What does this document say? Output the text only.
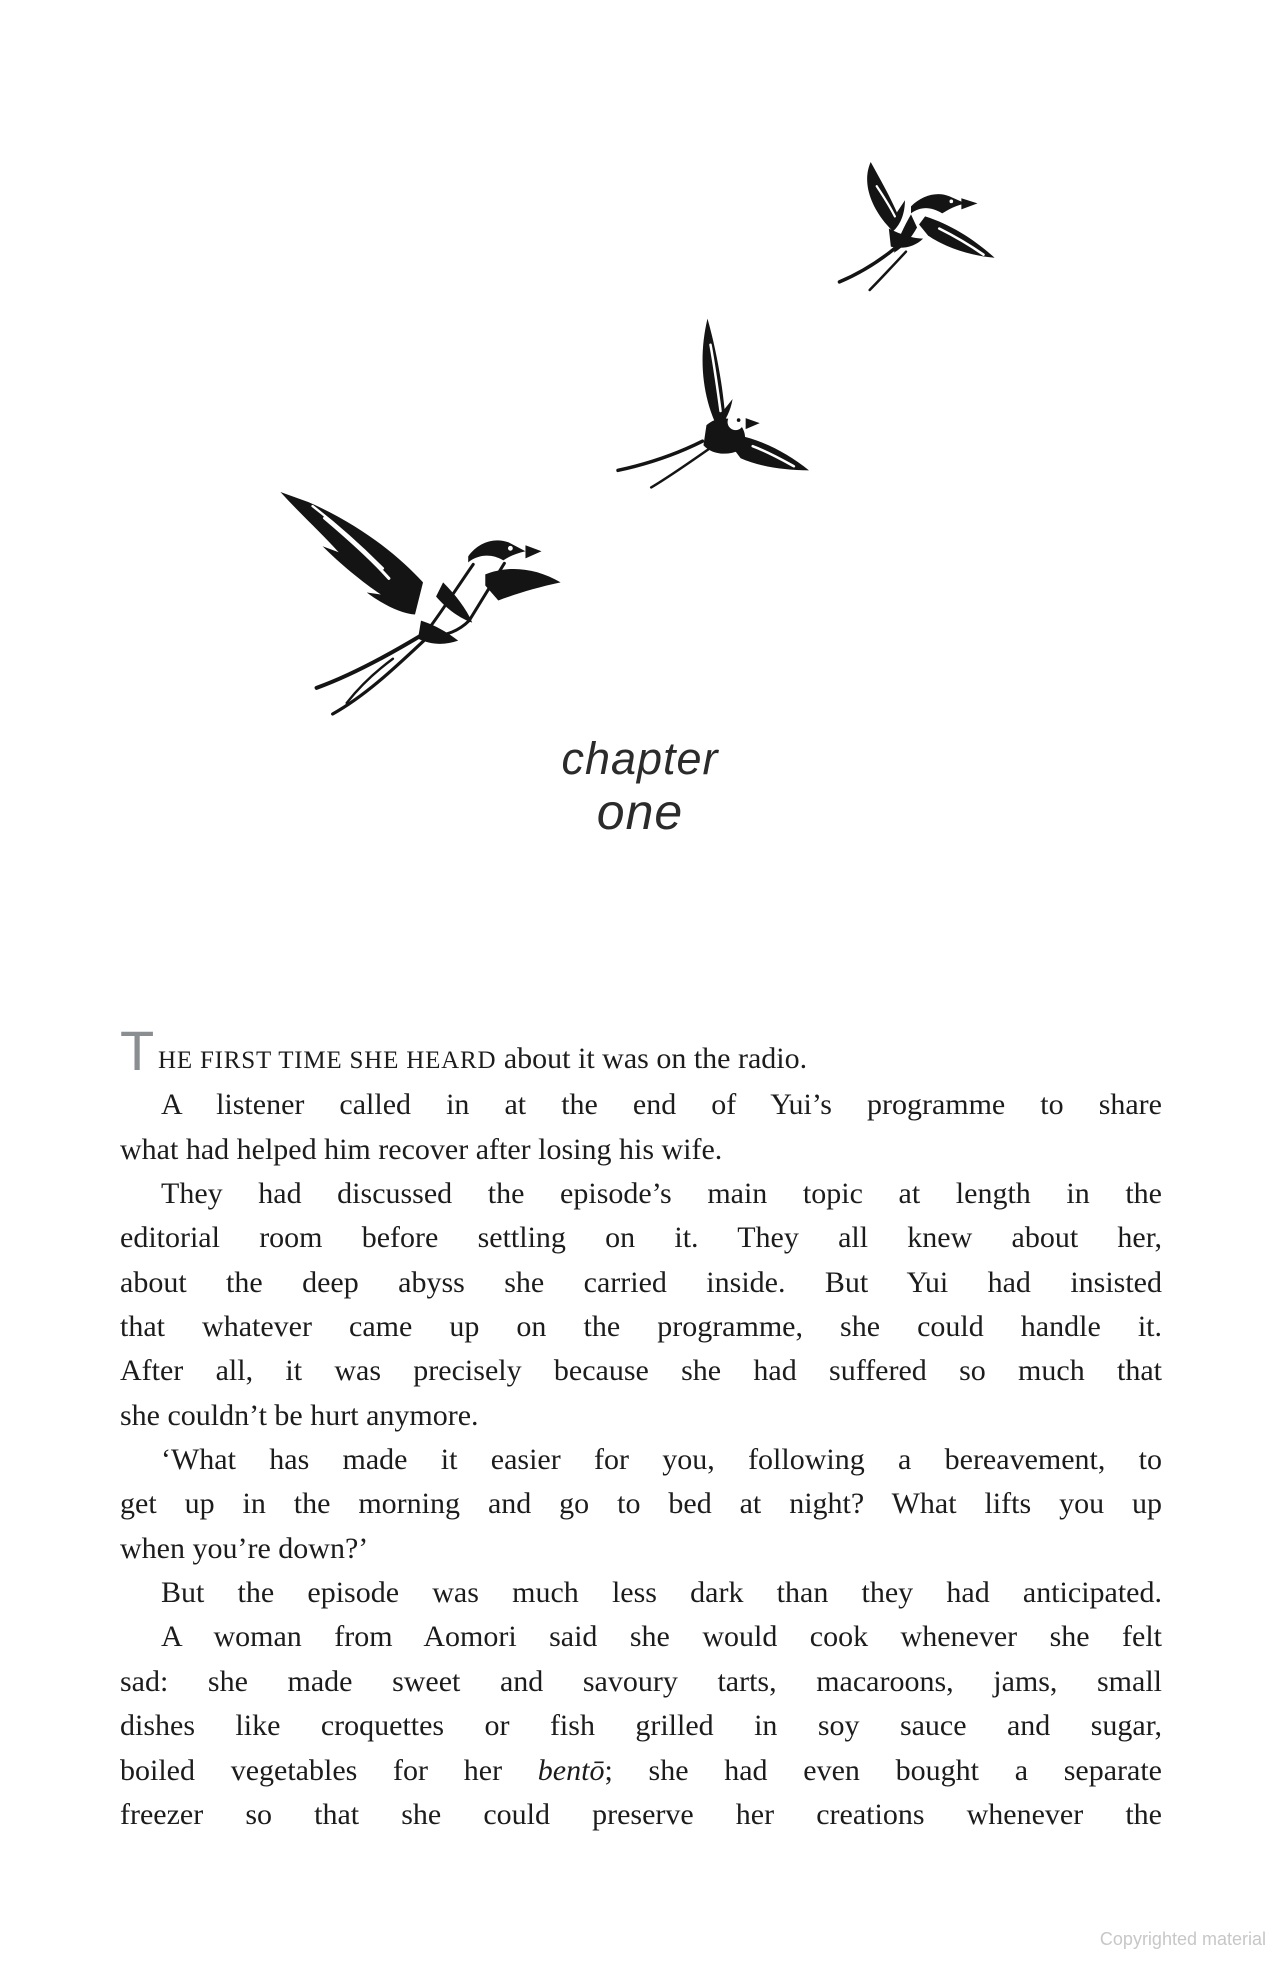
chapter
one
T HE FIRST TIME SHE HEARD about it was on the radio.
A listener called in at the end of Yui’s programme to share
what had helped him recover after losing his wife.
They had discussed the episode’s main topic at length in the
editorial room before settling on it. They all knew about her,
about the deep abyss she carried inside. But Yui had insisted
that whatever came up on the programme, she could handle it.
After all, it was precisely because she had suffered so much that
she couldn’t be hurt anymore.
‘What has made it easier for you, following a bereavement, to
get up in the morning and go to bed at night? What lifts you up
when you’re down?’
But the episode was much less dark than they had anticipated.
A woman from Aomori said she would cook whenever she felt
sad: she made sweet and savoury tarts, macaroons, jams, small
dishes like croquettes or fish grilled in soy sauce and sugar,
boiled vegetables for her bentō; she had even bought a separate
freezer so that she could preserve her creations whenever the
Copyrighted material
